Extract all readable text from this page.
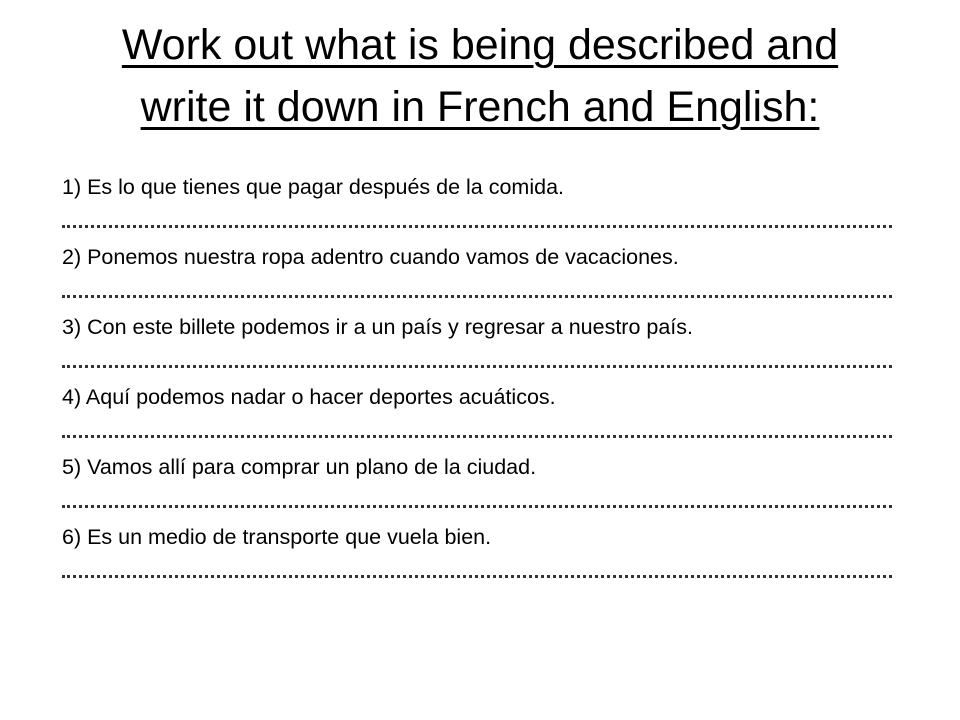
Work out what is being described and
write it down in French and English:
1) Es lo que tienes que pagar después de la comida.
2) Ponemos nuestra ropa adentro cuando vamos de vacaciones.
3) Con este billete podemos ir a un país y regresar a nuestro país.
4) Aquí podemos nadar o hacer deportes acuáticos.
5) Vamos allí para comprar un plano de la ciudad.
6) Es un medio de transporte que vuela bien.
